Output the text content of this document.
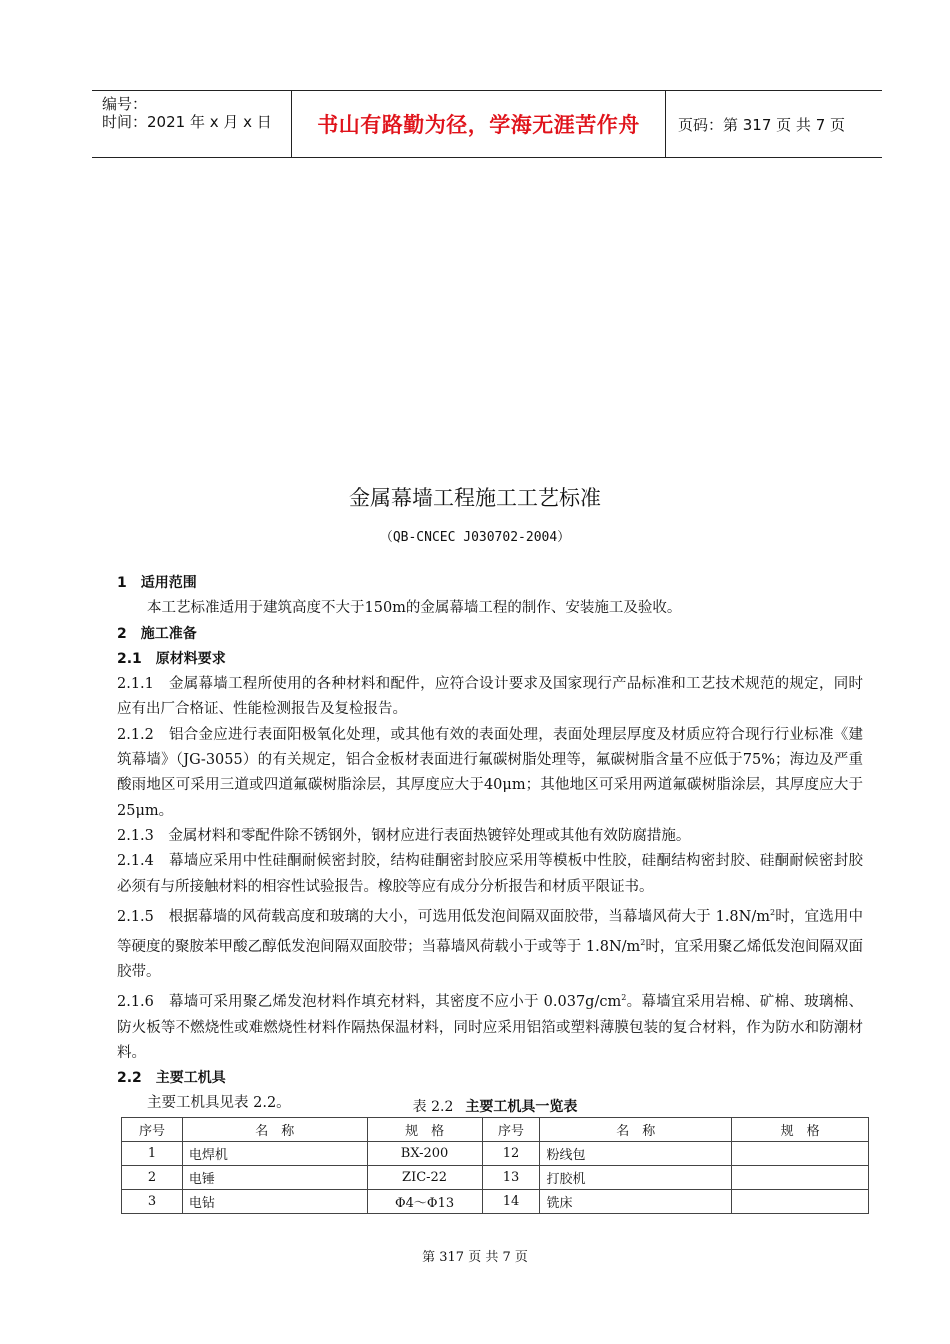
编号：
时间：2021 年 x 月 x 日	书山有路勤为径，学海无涯苦作舟	页码：第 317 页 共 7 页
金属幕墙工程施工工艺标准
（QB-CNCEC J030702-2004）

1　适用范围

本工艺标准适用于建筑高度不大于150m的金属幕墙工程的制作、安装施工及验收。

2　施工准备

2.1　原材料要求

2.1.1　金属幕墙工程所使用的各种材料和配件，应符合设计要求及国家现行产品标准和工艺技术规范的规定，同时应有出厂合格证、性能检测报告及复检报告。

2.1.2　铝合金应进行表面阳极氧化处理，或其他有效的表面处理，表面处理层厚度及材质应符合现行行业标准《建筑幕墙》（JG-3055）的有关规定，铝合金板材表面进行氟碳树脂处理等，氟碳树脂含量不应低于75%；海边及严重酸雨地区可采用三道或四道氟碳树脂涂层，其厚度应大于40μm；其他地区可采用两道氟碳树脂涂层，其厚度应大于25μm。

2.1.3　金属材料和零配件除不锈钢外，钢材应进行表面热镀锌处理或其他有效防腐措施。

2.1.4　幕墙应采用中性硅酮耐候密封胶，结构硅酮密封胶应采用等模板中性胶，硅酮结构密封胶、硅酮耐候密封胶必须有与所接触材料的相容性试验报告。橡胶等应有成分分析报告和材质平限证书。

2.1.5　根据幕墙的风荷载高度和玻璃的大小，可选用低发泡间隔双面胶带，当幕墙风荷大于 $1.8N/m^2$时，宜选用中等硬度的聚胺苯甲酸乙醇低发泡间隔双面胶带；当幕墙风荷载小于或等于 $1.8N/m^2$时，宜采用聚乙烯低发泡间隔双面胶带。

2.1.6　幕墙可采用聚乙烯发泡材料作填充材料，其密度不应小于 $0.037g/cm^2$。幕墙宜采用岩棉、矿棉、玻璃棉、防火板等不燃烧性或难燃烧性材料作隔热保温材料，同时应采用铝箔或塑料薄膜包装的复合材料，作为防水和防潮材料。

2.2　主要工机具

主要工机具见表 2.2。	表 2.2 主要工机具一览表
序号	名　称	规　格	序号	名　称	规　格
1	电焊机	BX-200	12	粉线包	
2	电锤	ZIC-22	13	打胶机	
3	电钻	Φ4～Φ13	14	铣床	
第 317 页 共 7 页
